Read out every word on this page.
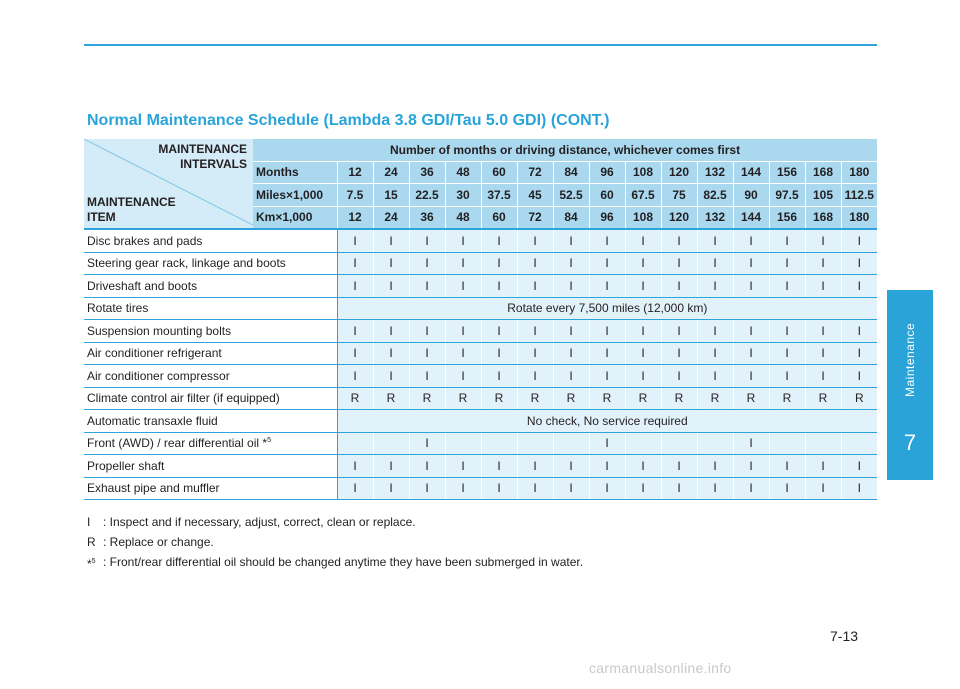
Normal Maintenance Schedule (Lambda 3.8 GDI/Tau 5.0 GDI) (CONT.)
MAINTENANCE
INTERVALS
MAINTENANCE
ITEM	Number of months or driving distance, whichever comes first															
	Months	12	24	36	48	60	72	84	96	108	120	132	144	156	168	180
	Miles×1,000	7.5	15	22.5	30	37.5	45	52.5	60	67.5	75	82.5	90	97.5	105	112.5
	Km×1,000	12	24	36	48	60	72	84	96	108	120	132	144	156	168	180
Disc brakes and pads		I	I	I	I	I	I	I	I	I	I	I	I	I	I	I
Steering gear rack, linkage and boots		I	I	I	I	I	I	I	I	I	I	I	I	I	I	I
Driveshaft and boots		I	I	I	I	I	I	I	I	I	I	I	I	I	I	I
Rotate tires		Rotate every 7,500 miles (12,000 km)														
Suspension mounting bolts		I	I	I	I	I	I	I	I	I	I	I	I	I	I	I
Air conditioner refrigerant		I	I	I	I	I	I	I	I	I	I	I	I	I	I	I
Air conditioner compressor		I	I	I	I	I	I	I	I	I	I	I	I	I	I	I
Climate control air filter (if equipped)		R	R	R	R	R	R	R	R	R	R	R	R	R	R	R
Automatic transaxle fluid		No check, No service required														
Front (AWD) / rear differential oil *$^5$				I					I				I			
Propeller shaft		I	I	I	I	I	I	I	I	I	I	I	I	I	I	I
Exhaust pipe and muffler		I	I	I	I	I	I	I	I	I	I	I	I	I	I	I
I	: Inspect and if necessary, adjust, correct, clean or replace.
R : Replace or change.
*$^5$ : Front/rear differential oil should be changed anytime they have been submerged in water.
Maintenance
7
7-13
carmanualsonline.info
